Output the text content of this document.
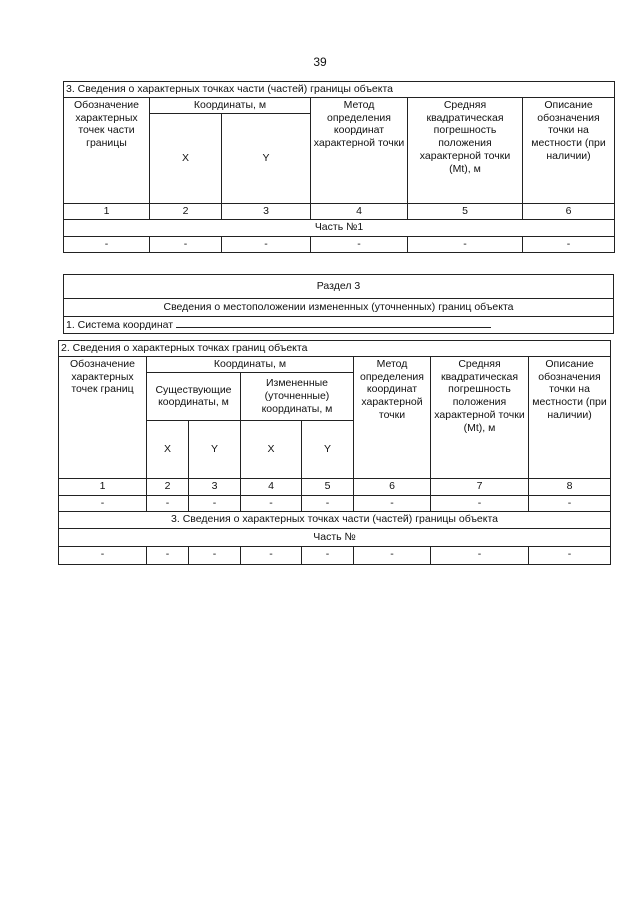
39
3. Сведения о характерных точках части (частей) границы объекта					
Обозначение характерных точек части границы	Координаты, м		Метод определения координат характерной точки	Средняя квадратическая погрешность положения характерной точки (Mt), м	Описание обозначения точки на местности (при наличии)
	X	Y			
1	2	3	4	5	6
Часть №1					
-	-	-	-	-	-
Раздел 3
Сведения о местоположении измененных (уточненных) границ объекта
1. Система координат
2. Сведения о характерных точках границ объекта							
Обозначение характерных точек границ	Координаты, м				Метод определения координат характерной точки	Средняя квадратическая погрешность положения характерной точки (Mt), м	Описание обозначения точки на местности (при наличии)
	Существующие координаты, м		Измененные (уточненные) координаты, м				
	X	Y	X	Y			
1	2	3	4	5	6	7	8
-	-	-	-	-	-	-	-
3. Сведения о характерных точках части (частей) границы объекта							
Часть №							
-	-	-	-	-	-	-	-
